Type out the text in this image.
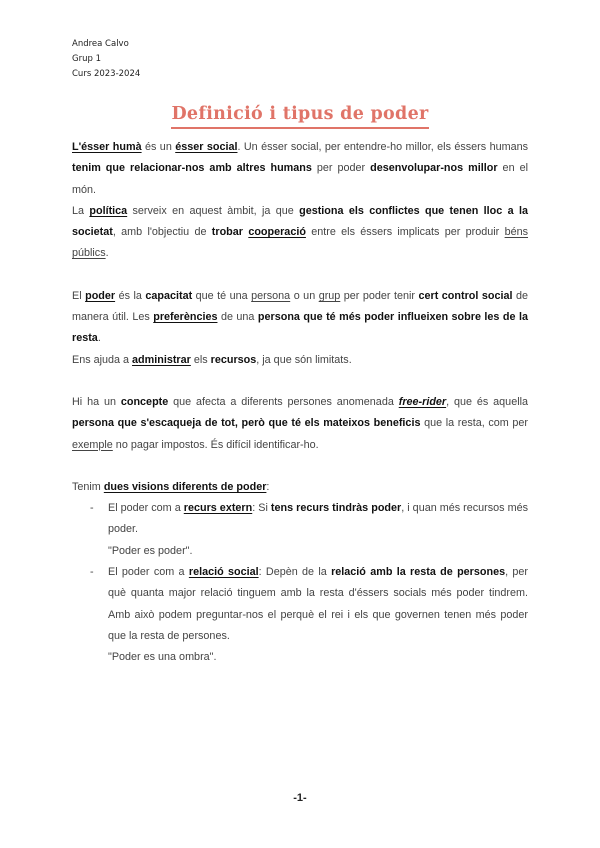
Andrea Calvo
Grup 1
Curs 2023-2024
Definició i tipus de poder

L'ésser humà és un ésser social. Un ésser social, per entendre-ho millor, els éssers humans tenim que relacionar-nos amb altres humans per poder desenvolupar-nos millor en el món.

La política serveix en aquest àmbit, ja que gestiona els conflictes que tenen lloc a la societat, amb l'objectiu de trobar cooperació entre els éssers implicats per produir béns públics.

El poder és la capacitat que té una persona o un grup per poder tenir cert control social de manera útil. Les preferències de una persona que té més poder influeixen sobre les de la resta.

Ens ajuda a administrar els recursos, ja que són limitats.

Hi ha un concepte que afecta a diferents persones anomenada free-rider, que és aquella persona que s'escaqueja de tot, però que té els mateixos beneficis que la resta, com per exemple no pagar impostos. És difícil identificar-ho.

Tenim dues visions diferents de poder:

- El poder com a recurs extern: Si tens recurs tindràs poder, i quan més recursos més poder.

"Poder es poder".

- El poder com a relació social: Depèn de la relació amb la resta de persones, per què quanta major relació tinguem amb la resta d'éssers socials més poder tindrem. Amb això podem preguntar-nos el perquè el rei i els que governen tenen més poder que la resta de persones.

"Poder es una ombra".

-1-
